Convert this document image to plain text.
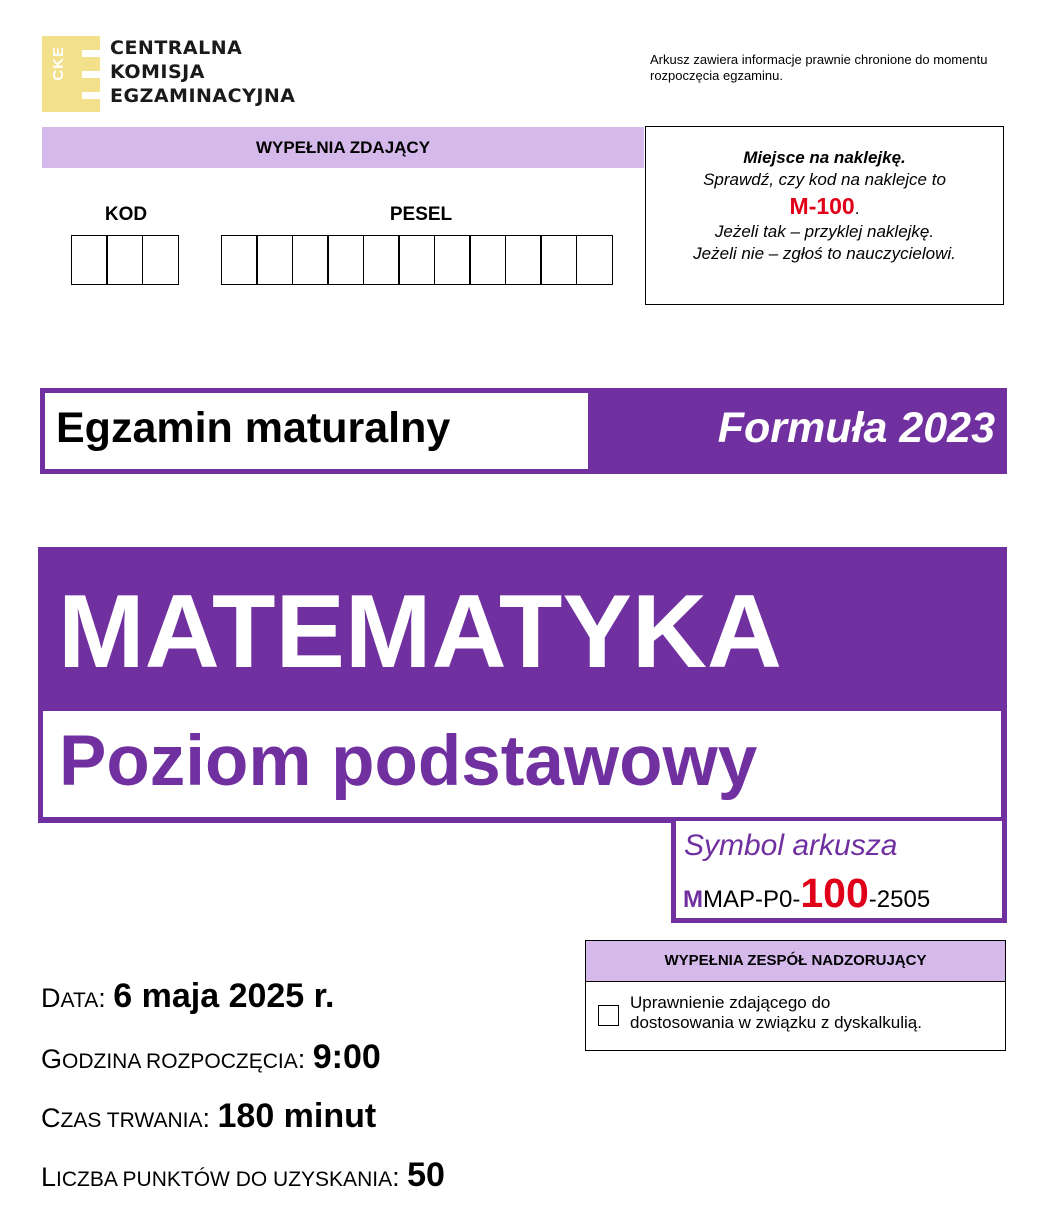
CKE CENTRALNA
KOMISJA
EGZAMINACYJNA
Arkusz zawiera informacje prawnie chronione do momentu rozpoczęcia egzaminu.
WYPEŁNIA ZDAJĄCY
KOD	PESEL
Miejsce na naklejkę.
Sprawdź, czy kod na naklejce to
M-100.
Jeżeli tak – przyklej naklejkę.
Jeżeli nie – zgłoś to nauczycielowi.
Egzamin maturalny	Formuła 2023
MATEMATYKA
Poziom podstawowy
Symbol arkusza
MMAP-P0-100-2505
WYPEŁNIA ZESPÓŁ NADZORUJĄCY
Uprawnienie zdającego do
dostosowania w związku z dyskalkulią.
DATA: 6 maja 2025 r.
GODZINA ROZPOCZĘCIA: 9:00
CZAS TRWANIA: 180 minut
LICZBA PUNKTÓW DO UZYSKANIA: 50
